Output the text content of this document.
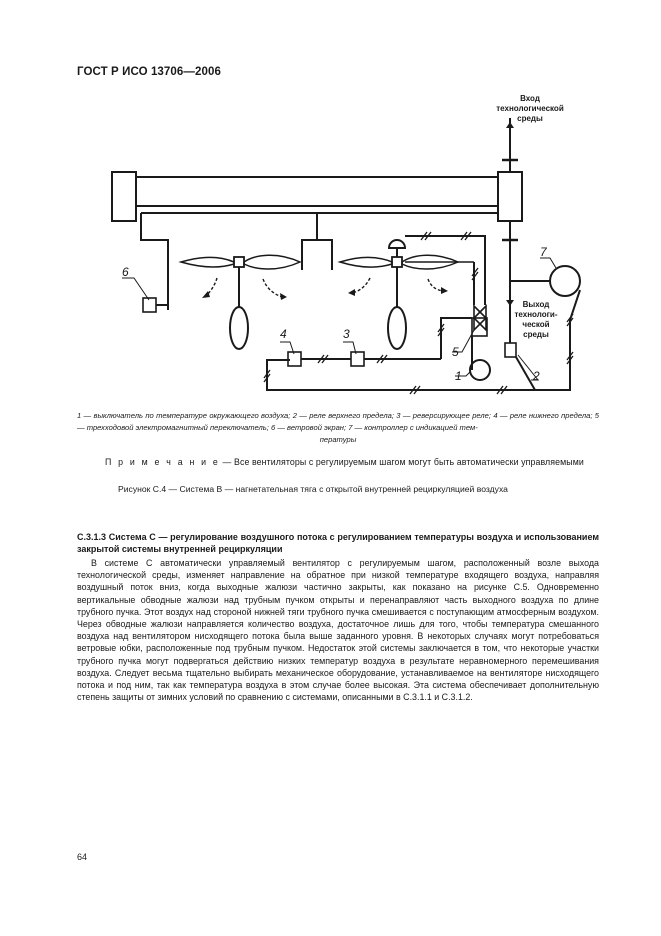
ГОСТ Р ИСО 13706—2006
Вход
технологической
среды
Выход
технологи-
ческой
среды
6
4	3
5
1	2
7
1 — выключатель по температуре окружающего воздуха; 2 — реле верхнего предела; 3 — реверсирующее реле; 4 — реле нижнего предела; 5 — трехходовой электромагнитный переключатель; 6 — ветровой экран; 7 — контроллер с индикацией тем-
пературы
П р и м е ч а н и е — Все вентиляторы с регулируемым шагом могут быть автоматически управляемыми
Рисунок С.4 — Система В — нагнетательная тяга с открытой внутренней рециркуляцией воздуха
С.3.1.3 Система С — регулирование воздушного потока с регулированием температуры воздуха и использованием закрытой системы внутренней рециркуляции

В системе С автоматически управляемый вентилятор с регулируемым шагом, расположенный возле выхода технологической среды, изменяет направление на обратное при низкой температуре входящего воздуха, направляя воздушный поток вниз, когда выходные жалюзи частично закрыты, как показано на рисунке С.5. Одновременно вертикальные обводные жалюзи над трубным пучком открыты и перенаправляют часть выходного воздуха по длине трубного пучка. Этот воздух над стороной нижней тяги трубного пучка смешивается с поступающим атмосферным воздухом. Через обводные жалюзи направляется количество воздуха, достаточное лишь для того, чтобы температура смешанного воздуха над вентилятором нисходящего потока была выше заданного уровня. В некоторых случаях могут потребоваться ветровые юбки, расположенные под трубным пучком. Недостаток этой системы заключается в том, что некоторые участки трубного пучка могут подвергаться действию низких температур воздуха в результате неравномерного перемешивания воздуха. Следует весьма тщательно выбирать механическое оборудование, устанавливаемое на вентиляторе нисходящего потока и под ним, так как температура воздуха в этом случае более высокая. Эта система обеспечивает дополнительную степень защиты от зимних условий по сравнению с системами, описанными в С.3.1.1 и С.3.1.2.

64
